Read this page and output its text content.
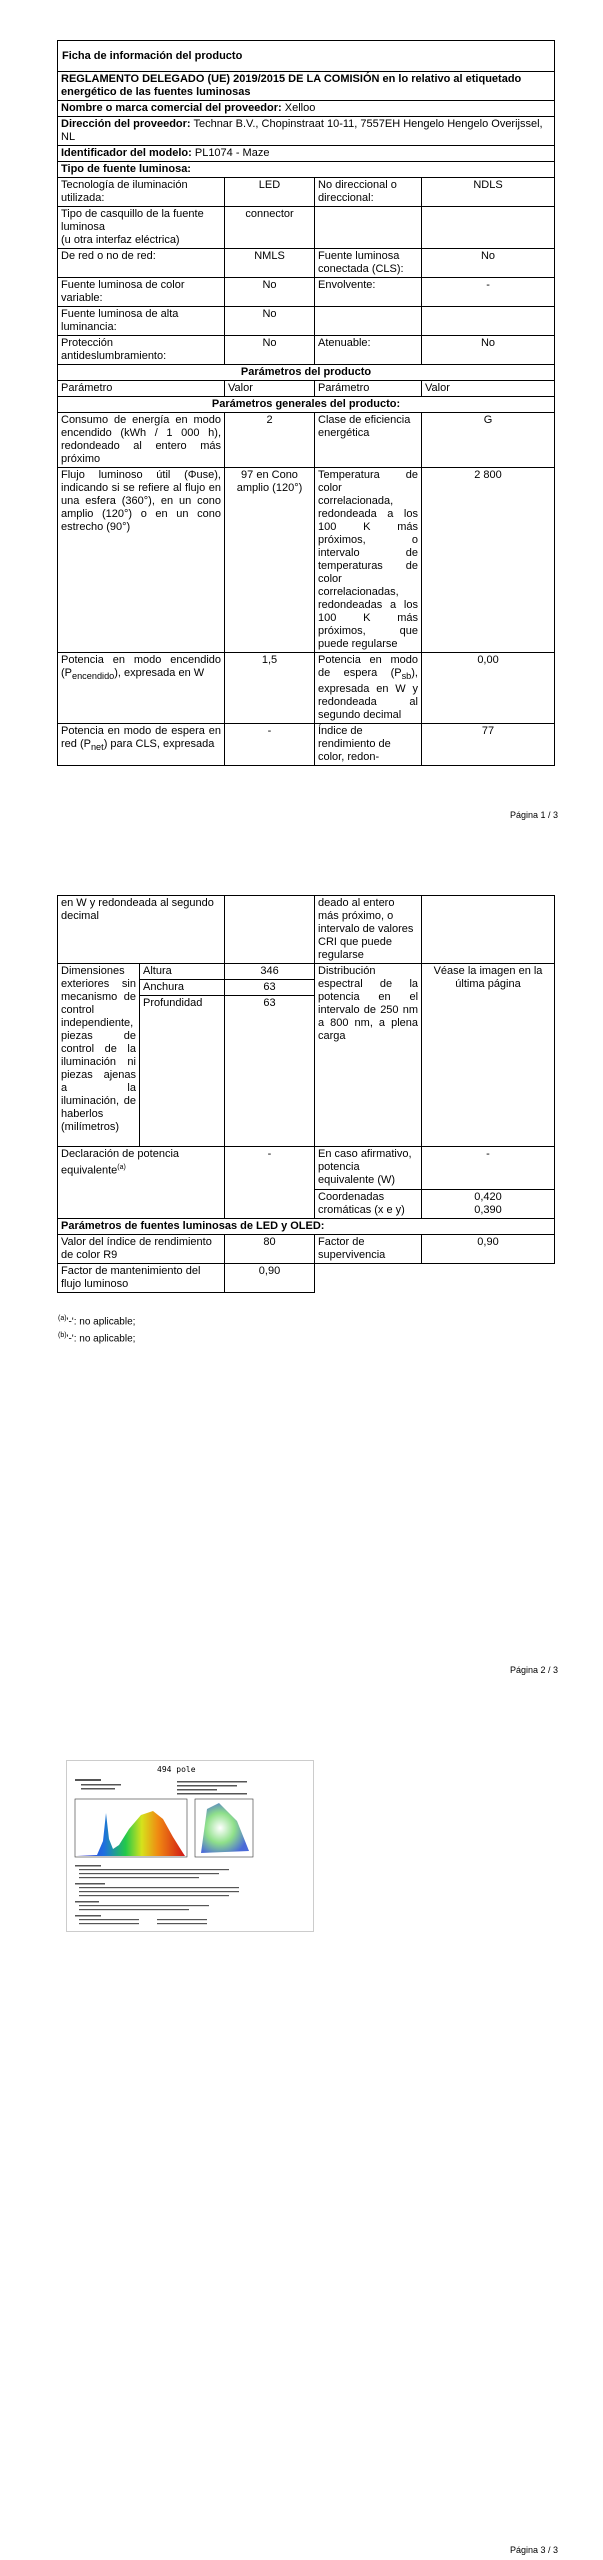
Ficha de información del producto			
REGLAMENTO DELEGADO (UE) 2019/2015 DE LA COMISIÓN en lo relativo al etiquetado energético de las fuentes luminosas			
Nombre o marca comercial del proveedor: Xelloo			
Dirección del proveedor: Technar B.V., Chopinstraat 10-11, 7557EH Hengelo Hengelo Overijssel, NL			
Identificador del modelo: PL1074 - Maze			
Tipo de fuente luminosa:			
Tecnología de iluminación utilizada:	LED	No direccional o direccional:	NDLS

Tipo de casquillo de la fuente luminosa
(u otra interfaz eléctrica)	connector		
De red o no de red:	NMLS	Fuente luminosa conectada (CLS):	No
Fuente luminosa de color variable:	No	Envolvente:	-
Fuente luminosa de alta luminancia:	No		
Protección antideslumbramiento:	No	Atenuable:	No
Parámetros del producto			
Parámetro	Valor	Parámetro	Valor
Parámetros generales del producto:			
Consumo de energía en modo encendido (kWh / 1 000 h), redondeado al entero más próximo	2	Clase de eficiencia energética	G
Flujo luminoso útil (Φuse), indicando si se refiere al flujo en una esfera (360°), en un cono amplio (120°) o en un cono estrecho (90°)	97 en Cono amplio (120°)	Temperatura de color correlacionada, redondeada a los 100 K más próximos, o intervalo de temperaturas de color correlacionadas, redondeadas a los 100 K más próximos, que puede regularse	2 800
Potencia en modo encendido $(P_{encendido})$, expresada en W	1,5	Potencia en modo de espera $(P_{sb})$, expresada en W y redondeada al segundo decimal	0,00
Potencia en modo de espera en red $(P_{net})$ para CLS, expresada	-	Índice de rendimiento de color, redon-	77
Página 1 / 3
en W y redondeada al segundo decimal			deado al entero más próximo, o intervalo de valores CRI que puede regularse	
Dimensiones exteriores sin mecanismo de control independiente, piezas de control de la iluminación ni piezas ajenas a la iluminación, de haberlos (milímetros)	Altura	346	Distribución espectral de la potencia en el intervalo de 250 nm a 800 nm, a plena carga	Véase la imagen en la última página
	Anchura	63		
	Profundidad	63		
Declaración de potencia equivalente$^{(a)}$		-	En caso afirmativo, potencia equivalente (W)	-
			Coordenadas cromáticas (x e y)	0,420
0,390

Parámetros de fuentes luminosas de LED y OLED:				
Valor del índice de rendimiento de color R9		80	Factor de supervivencia	0,90
Factor de mantenimiento del flujo luminoso		0,90		
$^{(a)}$'-': no aplicable;
$^{(b)}$'-': no aplicable;
Página 2 / 3
494 pole
Página 3 / 3
